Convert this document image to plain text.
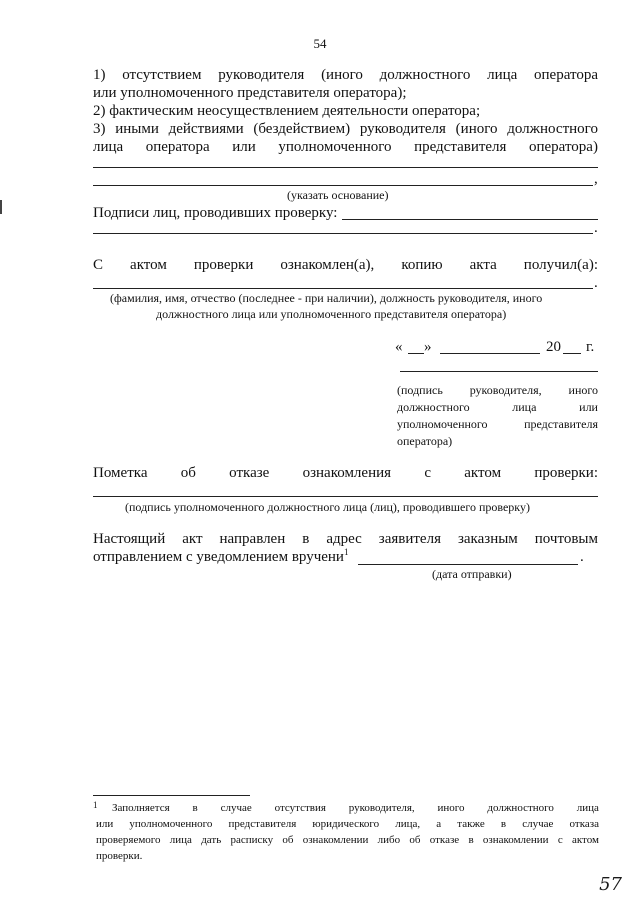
54
1) отсутствием руководителя (иного должностного лица оператора
или уполномоченного представителя оператора);
2) фактическим неосуществлением деятельности оператора;
3) иными действиями (бездействием) руководителя (иного должностного
лица оператора или уполномоченного представителя оператора)
,
(указать основание)
Подписи лиц, проводивших проверку:
.
С актом проверки ознакомлен(а), копию акта получил(а):
.
(фамилия, имя, отчество (последнее - при наличии), должность руководителя, иного
должностного лица или уполномоченного представителя оператора)
« »	20 г.
(подпись руководителя, иного
должностного	лица	или
уполномоченного	представителя
оператора)
Пометка об отказе ознакомления с актом проверки:
(подпись уполномоченного должностного лица (лиц), проводившего проверку)
Настоящий акт направлен в адрес заявителя заказным почтовым
отправлением с уведомлением вручени$^1$	.
(дата отправки)
1 Заполняется в случае отсутствия руководителя, иного должностного лица
или уполномоченного представителя юридического лица, а также в случае отказа
проверяемого лица дать расписку об ознакомлении либо об отказе в ознакомлении с актом
проверки.
57
